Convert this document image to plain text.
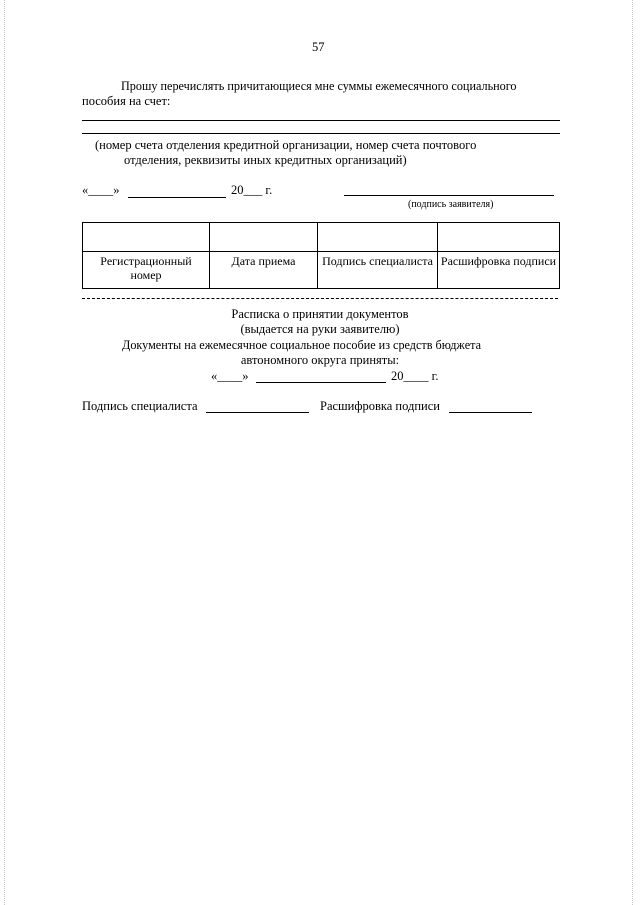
57
Прошу перечислять причитающиеся мне суммы ежемесячного социального
пособия на счет:
(номер счета отделения кредитной организации, номер счета почтового
отделения, реквизиты иных кредитных организаций)
«____»	20___ г.
(подпись заявителя)

Регистрационный номер	Дата приема	Подпись специалиста	Расшифровка подписи
Расписка о принятии документов
(выдается на руки заявителю)
Документы на ежемесячное социальное пособие из средств бюджета
автономного округа приняты:
«____»	20____ г.
Подпись специалиста	Расшифровка подписи
